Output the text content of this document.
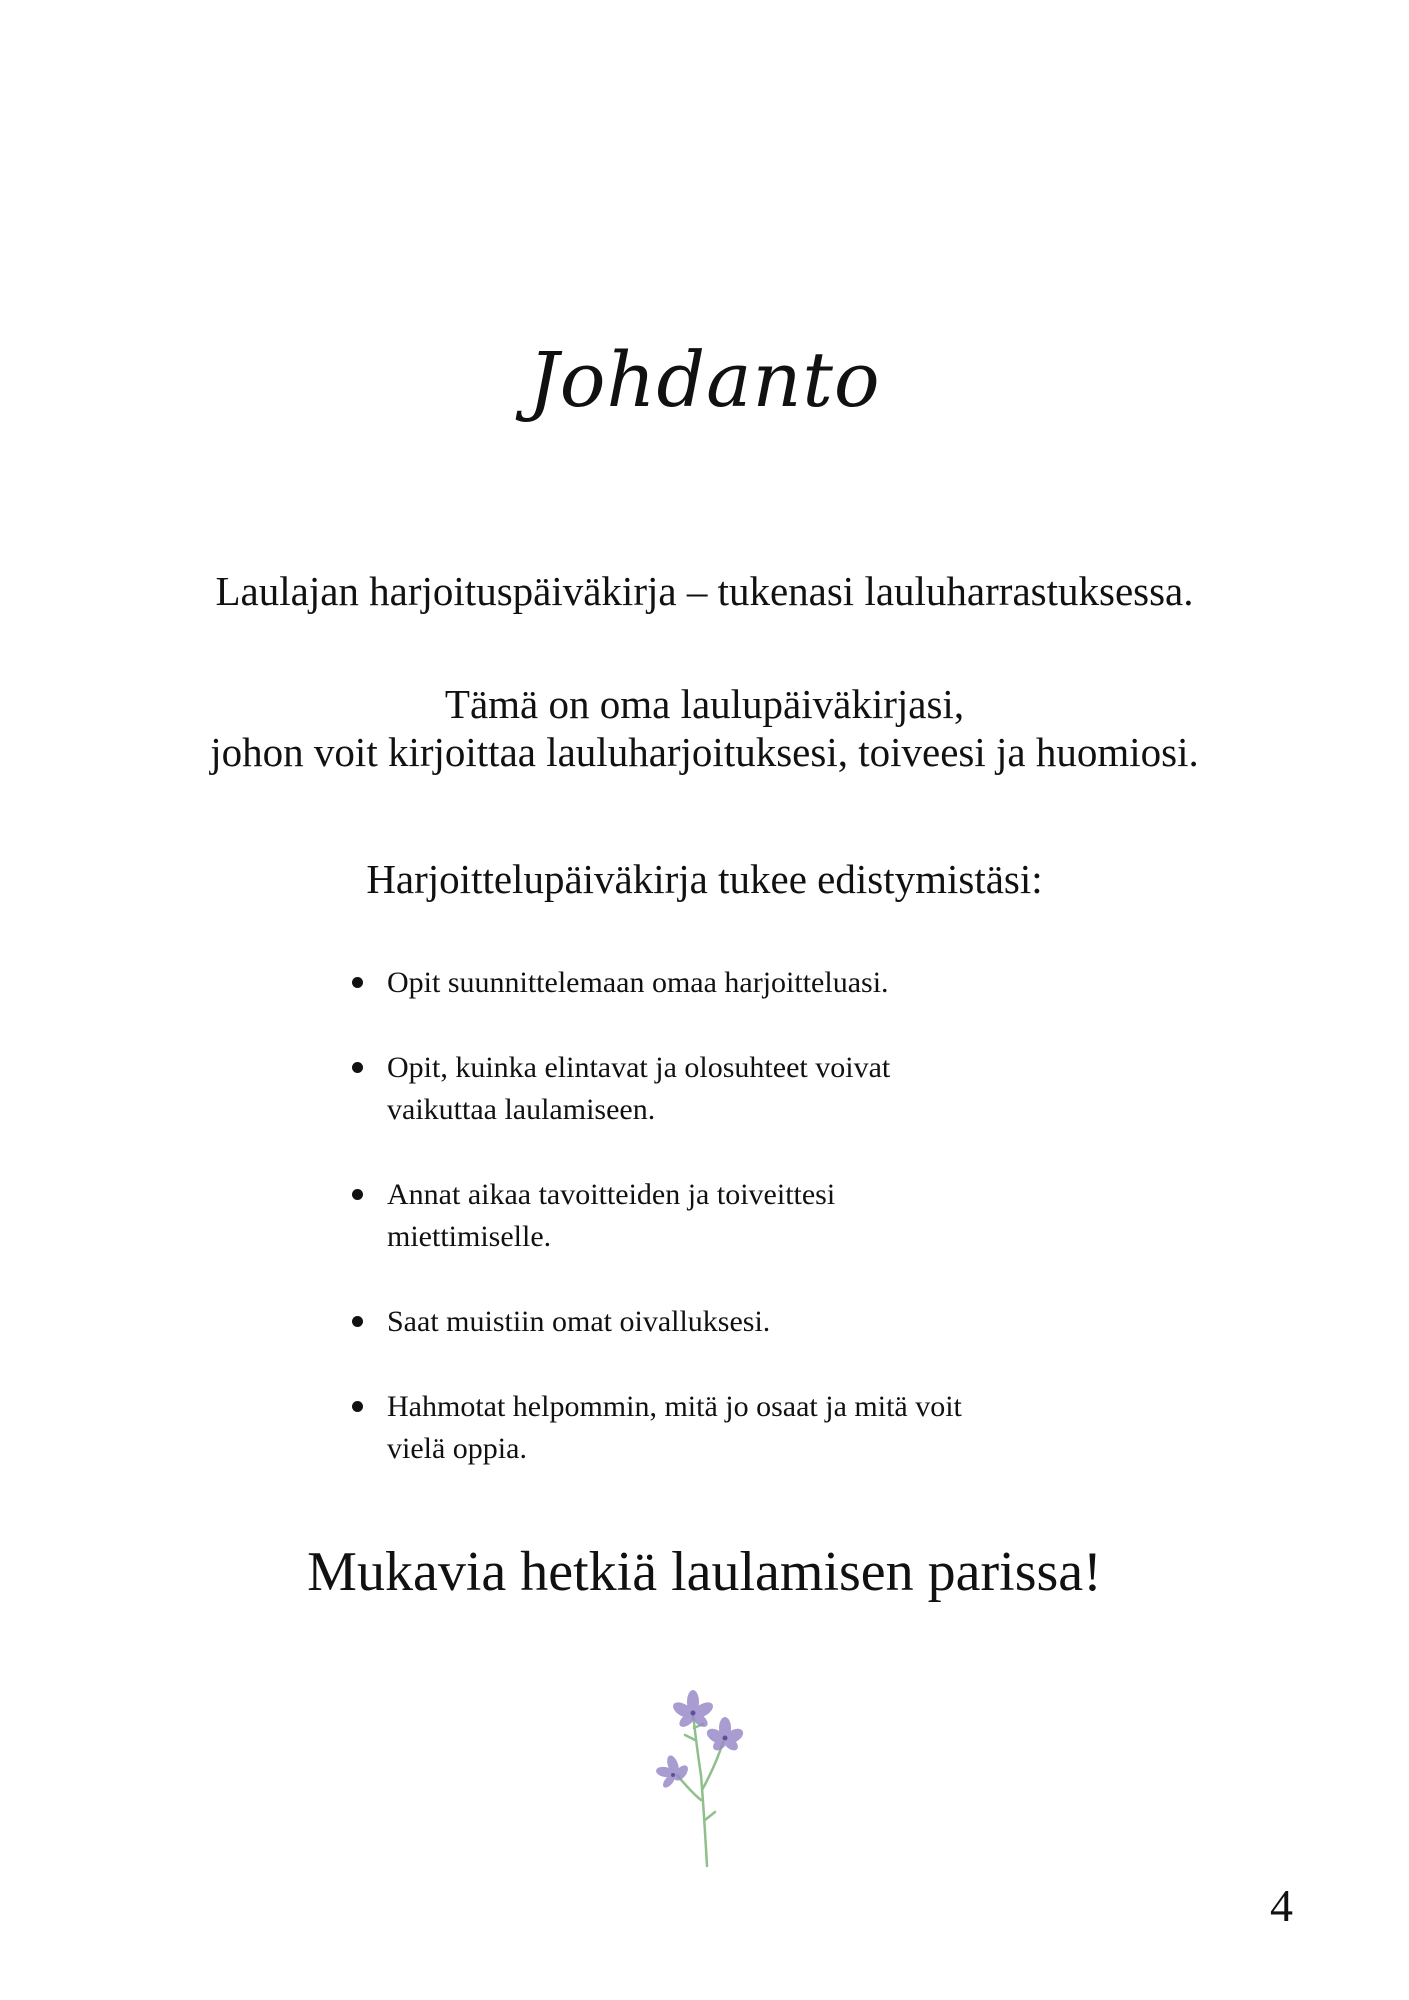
Johdanto

Laulajan harjoituspäiväkirja – tukenasi lauluharrastuksessa.

Tämä on oma laulupäiväkirjasi,
johon voit kirjoittaa lauluharjoituksesi, toiveesi ja huomiosi.

Harjoittelupäiväkirja tukee edistymistäsi:

Opit suunnittelemaan omaa harjoitteluasi.
Opit, kuinka elintavat ja olosuhteet voivat
vaikuttaa laulamiseen.
Annat aikaa tavoitteiden ja toiveittesi
miettimiselle.
Saat muistiin omat oivalluksesi.
Hahmotat helpommin, mitä jo osaat ja mitä voit
vielä oppia.

Mukavia hetkiä laulamisen parissa!

4
